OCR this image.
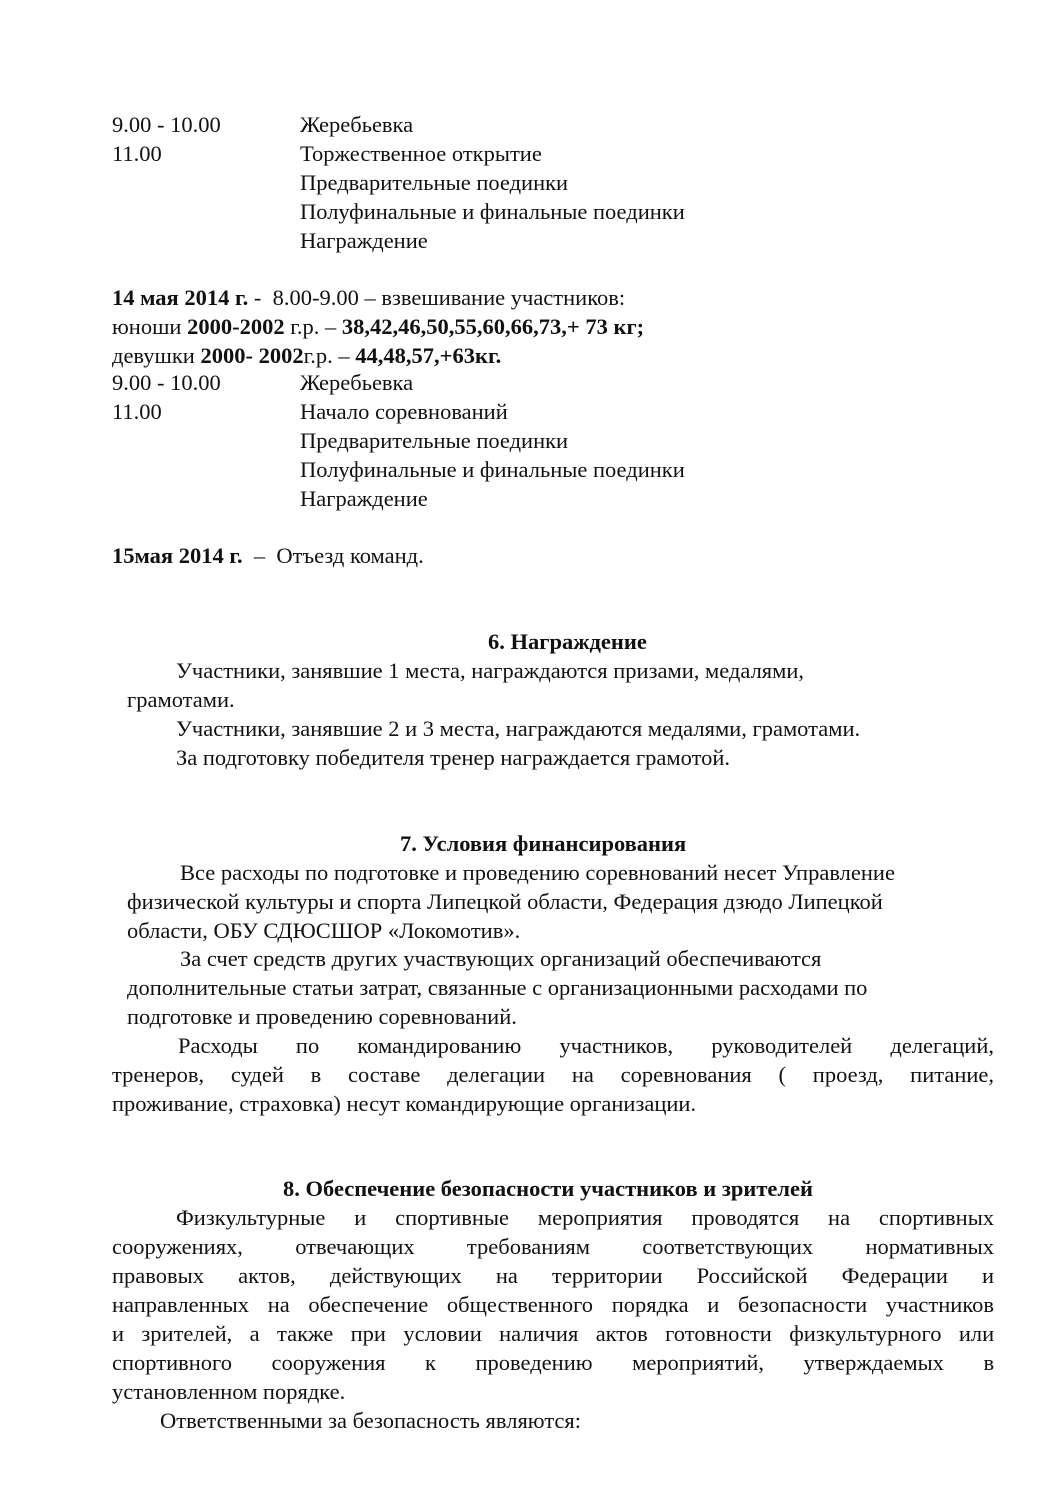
9.00 - 10.00	Жеребьевка
11.00	Торжественное открытие
Предварительные поединки
Полуфинальные и финальные поединки
Награждение
14 мая 2014 г. -  8.00-9.00 – взвешивание участников:
юноши 2000-2002 г.р. – 38,42,46,50,55,60,66,73,+ 73 кг;
девушки 2000- 2002г.р. – 44,48,57,+63кг.
9.00 - 10.00	Жеребьевка
11.00	Начало соревнований
Предварительные поединки
Полуфинальные и финальные поединки
Награждение
15мая 2014 г.  –  Отъезд команд.
6. Награждение
Участники, занявшие 1 места, награждаются призами, медалями,
грамотами.
Участники, занявшие 2 и 3 места, награждаются медалями, грамотами.
За подготовку победителя тренер награждается грамотой.
7. Условия финансирования
Все расходы по подготовке и проведению соревнований несет Управление
физической культуры и спорта Липецкой области, Федерация дзюдо Липецкой
области, ОБУ СДЮСШОР «Локомотив».
За счет средств других участвующих организаций обеспечиваются
дополнительные статьи затрат, связанные с организационными расходами по
подготовке и проведению соревнований.
Расходы по командированию участников, руководителей делегаций,
тренеров, судей в составе делегации на соревнования ( проезд, питание,
проживание, страховка) несут командирующие организации.
8. Обеспечение безопасности участников и зрителей
Физкультурные и спортивные мероприятия проводятся на спортивных
сооружениях, отвечающих требованиям соответствующих нормативных
правовых актов, действующих на территории Российской Федерации и
направленных на обеспечение общественного порядка и безопасности участников
и зрителей, а также при условии наличия актов готовности физкультурного или
спортивного сооружения к проведению мероприятий, утверждаемых в
установленном порядке.
Ответственными за безопасность являются:
